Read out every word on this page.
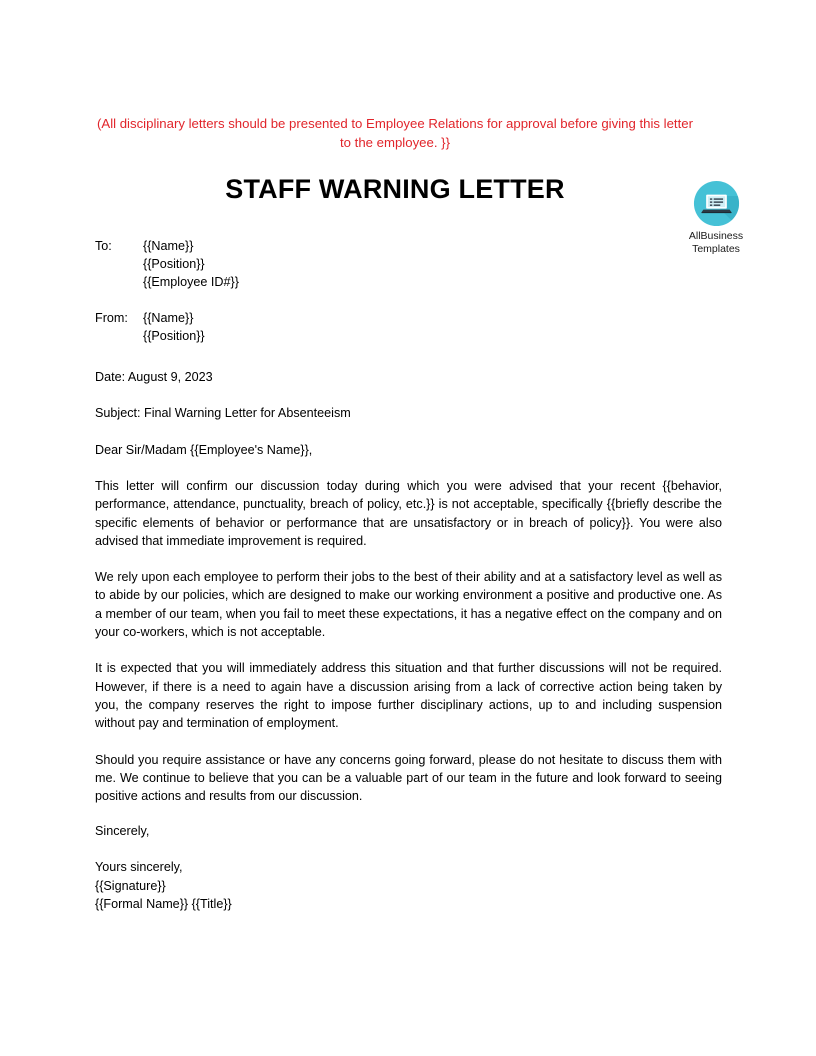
(All disciplinary letters should be presented to Employee Relations for approval before giving this letter to the employee. }}
STAFF WARNING LETTER
AllBusiness
Templates
To:	{{Name}}
{{Position}}
{{Employee ID#}}
From:	{{Name}}
{{Position}}
Date: August 9, 2023
Subject: Final Warning Letter for Absenteeism
Dear Sir/Madam {{Employee's Name}},

This letter will confirm our discussion today during which you were advised that your recent {{behavior, performance, attendance, punctuality, breach of policy, etc.}} is not acceptable, specifically {{briefly describe the specific elements of behavior or performance that are unsatisfactory or in breach of policy}}. You were also advised that immediate improvement is required.

We rely upon each employee to perform their jobs to the best of their ability and at a satisfactory level as well as to abide by our policies, which are designed to make our working environment a positive and productive one. As a member of our team, when you fail to meet these expectations, it has a negative effect on the company and on your co-workers, which is not acceptable.

It is expected that you will immediately address this situation and that further discussions will not be required. However, if there is a need to again have a discussion arising from a lack of corrective action being taken by you, the company reserves the right to impose further disciplinary actions, up to and including suspension without pay and termination of employment.

Should you require assistance or have any concerns going forward, please do not hesitate to discuss them with me. We continue to believe that you can be a valuable part of our team in the future and look forward to seeing positive actions and results from our discussion.

Sincerely,
Yours sincerely,
{{Signature}}
{{Formal Name}} {{Title}}
